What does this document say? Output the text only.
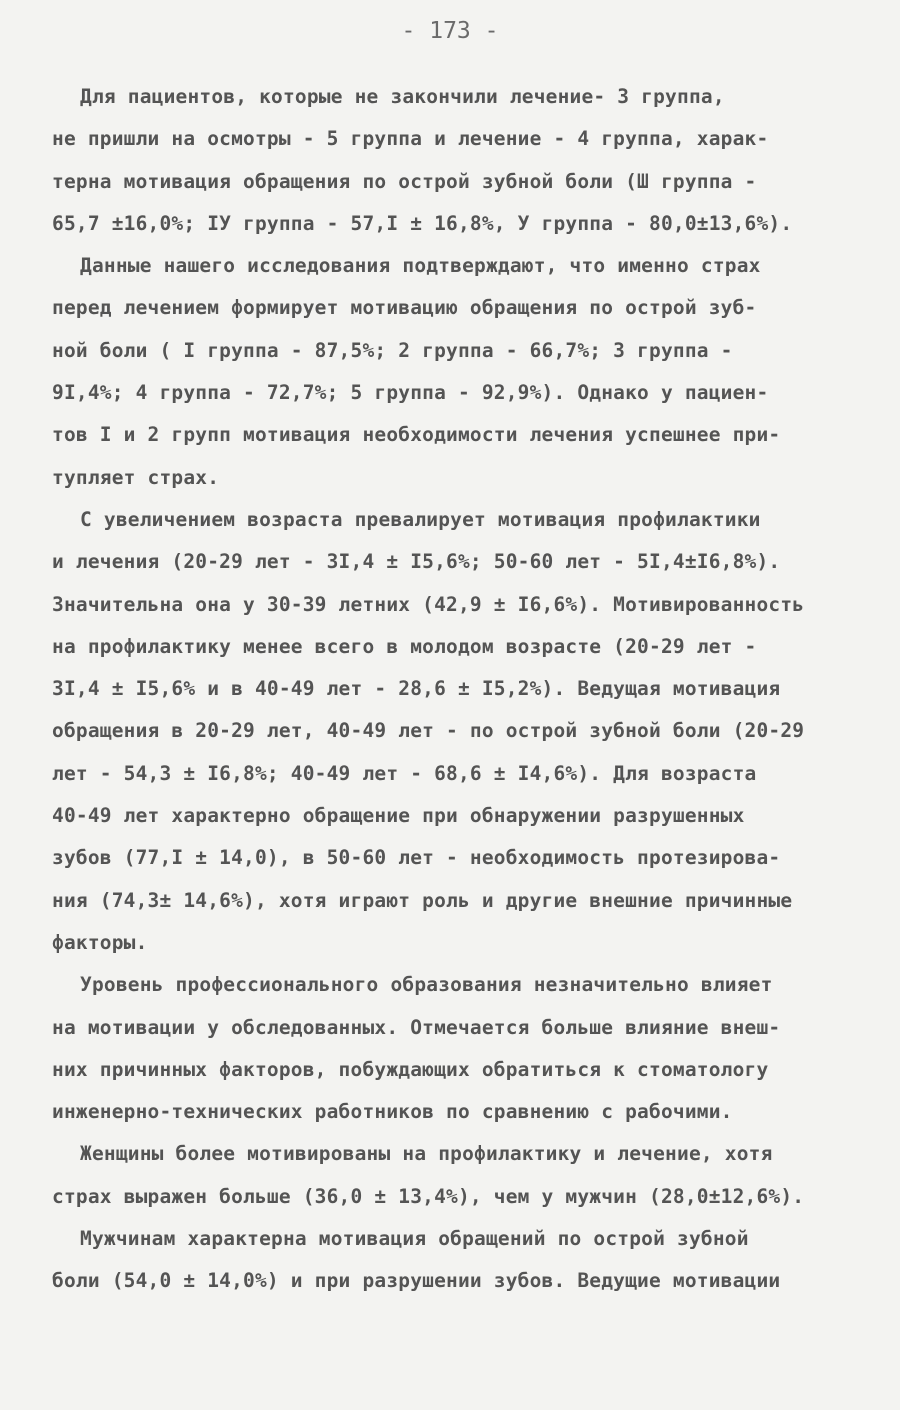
- 173 -
Для пациентов, которые не закончили лечение- 3 группа,
не пришли на осмотры - 5 группа и лечение - 4 группа, харак-
терна мотивация обращения по острой зубной боли (Ш группа -
65,7 ±16,0%; IУ группа - 57,I ± 16,8%, У группа - 80,0±13,6%).
Данные нашего исследования подтверждают, что именно страх
перед лечением формирует мотивацию обращения по острой зуб-
ной боли ( I группа - 87,5%; 2 группа - 66,7%; 3 группа -
9I,4%; 4 группа - 72,7%; 5 группа - 92,9%). Однако у пациен-
тов I и 2 групп мотивация необходимости лечения успешнее при-
тупляет страх.
С увеличением возраста превалирует мотивация профилактики
и лечения (20-29 лет - 3I,4 ± I5,6%; 50-60 лет - 5I,4±I6,8%).
Значительна она у 30-39 летних (42,9 ± I6,6%). Мотивированность
на профилактику менее всего в молодом возрасте (20-29 лет -
3I,4 ± I5,6% и в 40-49 лет - 28,6 ± I5,2%). Ведущая мотивация
обращения в 20-29 лет, 40-49 лет - по острой зубной боли (20-29
лет - 54,3 ± I6,8%; 40-49 лет - 68,6 ± I4,6%). Для возраста
40-49 лет характерно обращение при обнаружении разрушенных
зубов (77,I ± 14,0), в 50-60 лет - необходимость протезирова-
ния (74,3± 14,6%), хотя играют роль и другие внешние причинные
факторы.
Уровень профессионального образования незначительно влияет
на мотивации у обследованных. Отмечается больше влияние внеш-
них причинных факторов, побуждающих обратиться к стоматологу
инженерно-технических работников по сравнению с рабочими.
Женщины более мотивированы на профилактику и лечение, хотя
страх выражен больше (36,0 ± 13,4%), чем у мужчин (28,0±12,6%).
Мужчинам характерна мотивация обращений по острой зубной
боли (54,0 ± 14,0%) и при разрушении зубов. Ведущие мотивации
